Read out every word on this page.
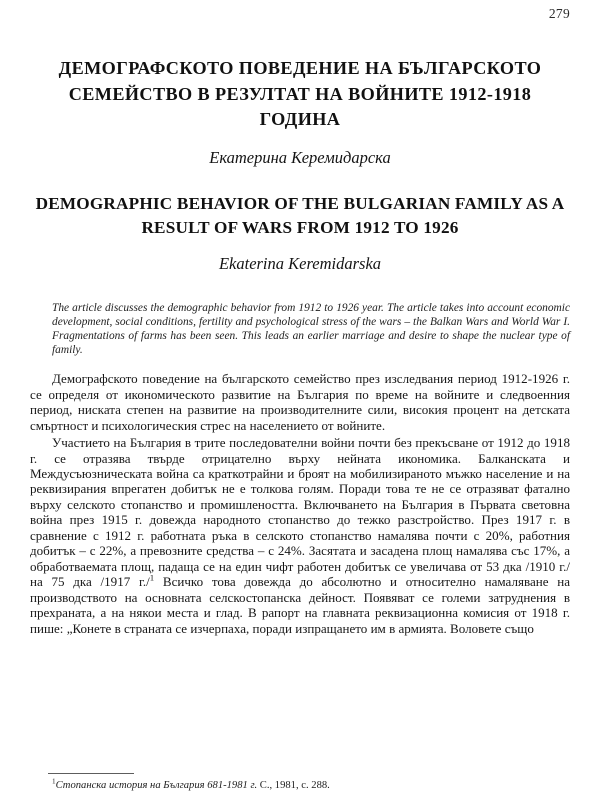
279
ДЕМОГРАФСКОТО ПОВЕДЕНИЕ НА БЪЛГАРСКОТО СЕМЕЙСТВО В РЕЗУЛТАТ НА ВОЙНИТЕ 1912-1918 ГОДИНА
Екатерина Керемидарска
DEMOGRAPHIC BEHAVIOR OF THE BULGARIAN FAMILY AS A RESULT OF WARS FROM 1912 TO 1926
Ekaterina Keremidarska
The article discusses the demographic behavior from 1912 to 1926 year. The article takes into account economic development, social conditions, fertility and psychological stress of the wars – the Balkan Wars and World War I. Fragmentations of farms has been seen. This leads an earlier marriage and desire to shape the nuclear type of family.
Демографското поведение на българското семейство през изследвания период 1912-1926 г. се определя от икономическото развитие на България по време на войните и следвоенния период, ниската степен на развитие на производителните сили, високия процент на детската смъртност и психологическия стрес на населението от войните.
Участието на България в трите последователни войни почти без прекъсване от 1912 до 1918 г. се отразява твърде отрицателно върху нейната икономика. Балканската и Междусъюзническата война са краткотрайни и броят на мобилизираното мъжко население и на реквизирания впрегатен добитък не е толкова голям. Поради това те не се отразяват фатално върху селското стопанство и промишлеността. Включването на България в Първата световна война през 1915 г. довежда народното стопанство до тежко разстройство. През 1917 г. в сравнение с 1912 г. работната ръка в селското стопанство намалява почти с 20%, работния добитък – с 22%, а превозните средства – с 24%. Засятата и засадена площ намалява със 17%, а обработваемата площ, падаща се на един чифт работен добитък се увеличава от 53 дка /1910 г./ на 75 дка /1917 г./$^1$ Всичко това довежда до абсолютно и относително намаляване на производството на основната селскостопанска дейност. Появяват се големи затруднения в прехраната, а на някои места и глад. В рапорт на главната реквизационна комисия от 1918 г. пише: „Конете в страната се изчерпаха, поради изпращането им в армията. Воловете също
$^1$Стопанска история на България 681-1981 г. С., 1981, с. 288.
